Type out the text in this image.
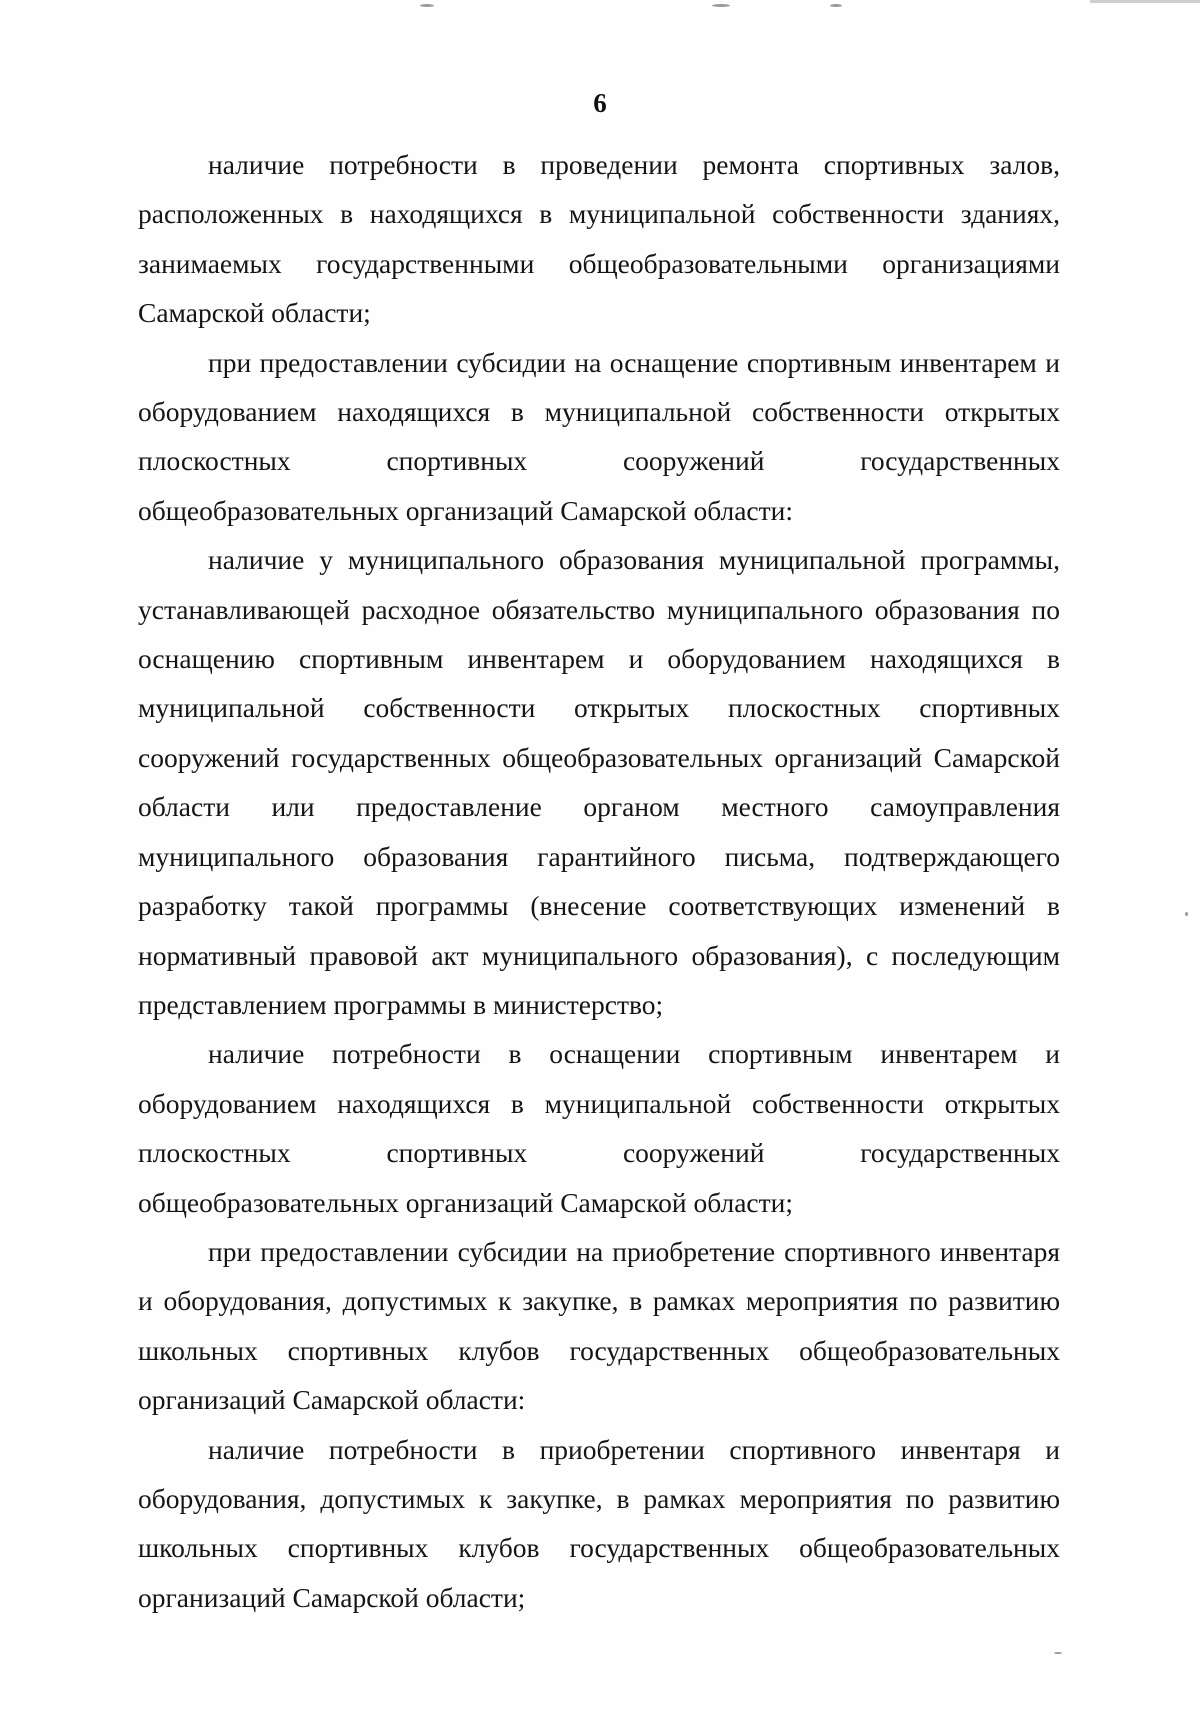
6

наличие потребности в проведении ремонта спортивных залов, расположенных в находящихся в муниципальной собственности зданиях, занимаемых государственными общеобразовательными организациями Самарской области;

при предоставлении субсидии на оснащение спортивным инвентарем и оборудованием находящихся в муниципальной собственности открытых плоскостных спортивных сооружений государственных общеобразовательных организаций Самарской области:

наличие у муниципального образования муниципальной программы, устанавливающей расходное обязательство муниципального образования по оснащению спортивным инвентарем и оборудованием находящихся в муниципальной собственности открытых плоскостных спортивных сооружений государственных общеобразовательных организаций Самарской области или предоставление органом местного самоуправления муниципального образования гарантийного письма, подтверждающего разработку такой программы (внесение соответствующих изменений в нормативный правовой акт муниципального образования), с последующим представлением программы в министерство;

наличие потребности в оснащении спортивным инвентарем и оборудованием находящихся в муниципальной собственности открытых плоскостных спортивных сооружений государственных общеобразовательных организаций Самарской области;

при предоставлении субсидии на приобретение спортивного инвентаря и оборудования, допустимых к закупке, в рамках мероприятия по развитию школьных спортивных клубов государственных общеобразовательных организаций Самарской области:

наличие потребности в приобретении спортивного инвентаря и оборудования, допустимых к закупке, в рамках мероприятия по развитию школьных спортивных клубов государственных общеобразовательных организаций Самарской области;
